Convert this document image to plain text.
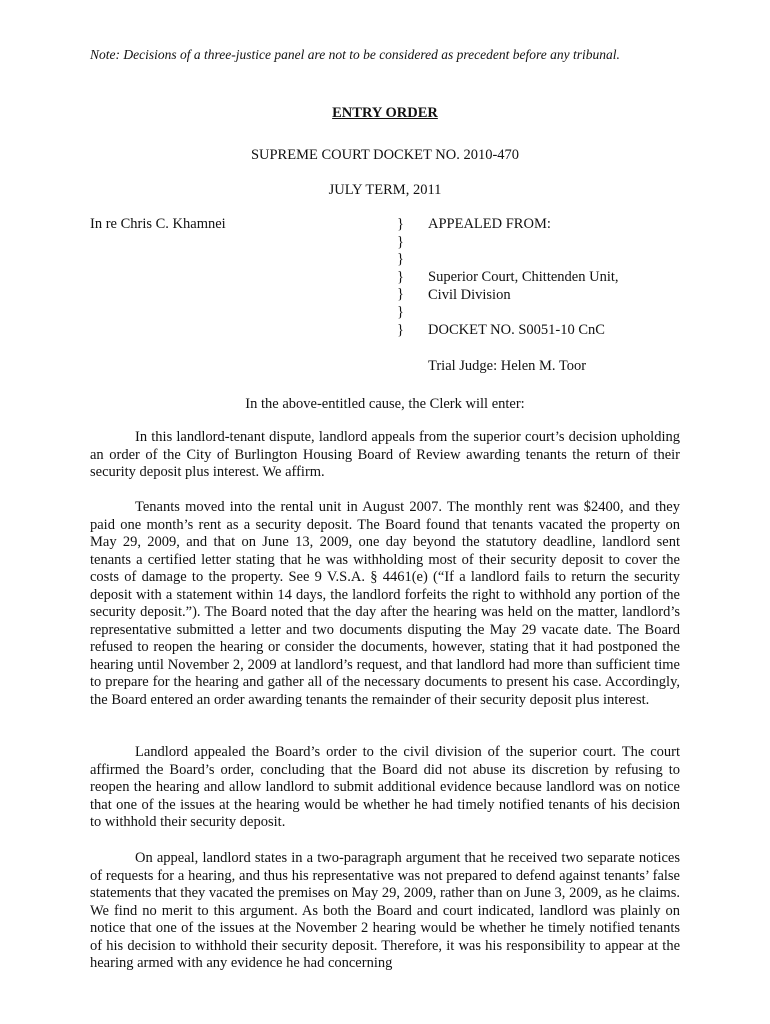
Note: Decisions of a three-justice panel are not to be considered as precedent before any tribunal.
ENTRY ORDER
SUPREME COURT DOCKET NO. 2010-470
JULY TERM, 2011
In re Chris C. Khamnei	}
}
}
}
}
}
}
APPEALED FROM:
Superior Court, Chittenden Unit,
Civil Division
DOCKET NO. S0051-10 CnC
Trial Judge: Helen M. Toor
In the above-entitled cause, the Clerk will enter:

In this landlord-tenant dispute, landlord appeals from the superior court’s decision upholding an order of the City of Burlington Housing Board of Review awarding tenants the return of their security deposit plus interest. We affirm.

Tenants moved into the rental unit in August 2007. The monthly rent was $2400, and they paid one month’s rent as a security deposit. The Board found that tenants vacated the property on May 29, 2009, and that on June 13, 2009, one day beyond the statutory deadline, landlord sent tenants a certified letter stating that he was withholding most of their security deposit to cover the costs of damage to the property. See 9 V.S.A. § 4461(e) (“If a landlord fails to return the security deposit with a statement within 14 days, the landlord forfeits the right to withhold any portion of the security deposit.”). The Board noted that the day after the hearing was held on the matter, landlord’s representative submitted a letter and two documents disputing the May 29 vacate date. The Board refused to reopen the hearing or consider the documents, however, stating that it had postponed the hearing until November 2, 2009 at landlord’s request, and that landlord had more than sufficient time to prepare for the hearing and gather all of the necessary documents to present his case. Accordingly, the Board entered an order awarding tenants the remainder of their security deposit plus interest.

Landlord appealed the Board’s order to the civil division of the superior court. The court affirmed the Board’s order, concluding that the Board did not abuse its discretion by refusing to reopen the hearing and allow landlord to submit additional evidence because landlord was on notice that one of the issues at the hearing would be whether he had timely notified tenants of his decision to withhold their security deposit.

On appeal, landlord states in a two-paragraph argument that he received two separate notices of requests for a hearing, and thus his representative was not prepared to defend against tenants’ false statements that they vacated the premises on May 29, 2009, rather than on June 3, 2009, as he claims. We find no merit to this argument. As both the Board and court indicated, landlord was plainly on notice that one of the issues at the November 2 hearing would be whether he timely notified tenants of his decision to withhold their security deposit. Therefore, it was his responsibility to appear at the hearing armed with any evidence he had concerning
